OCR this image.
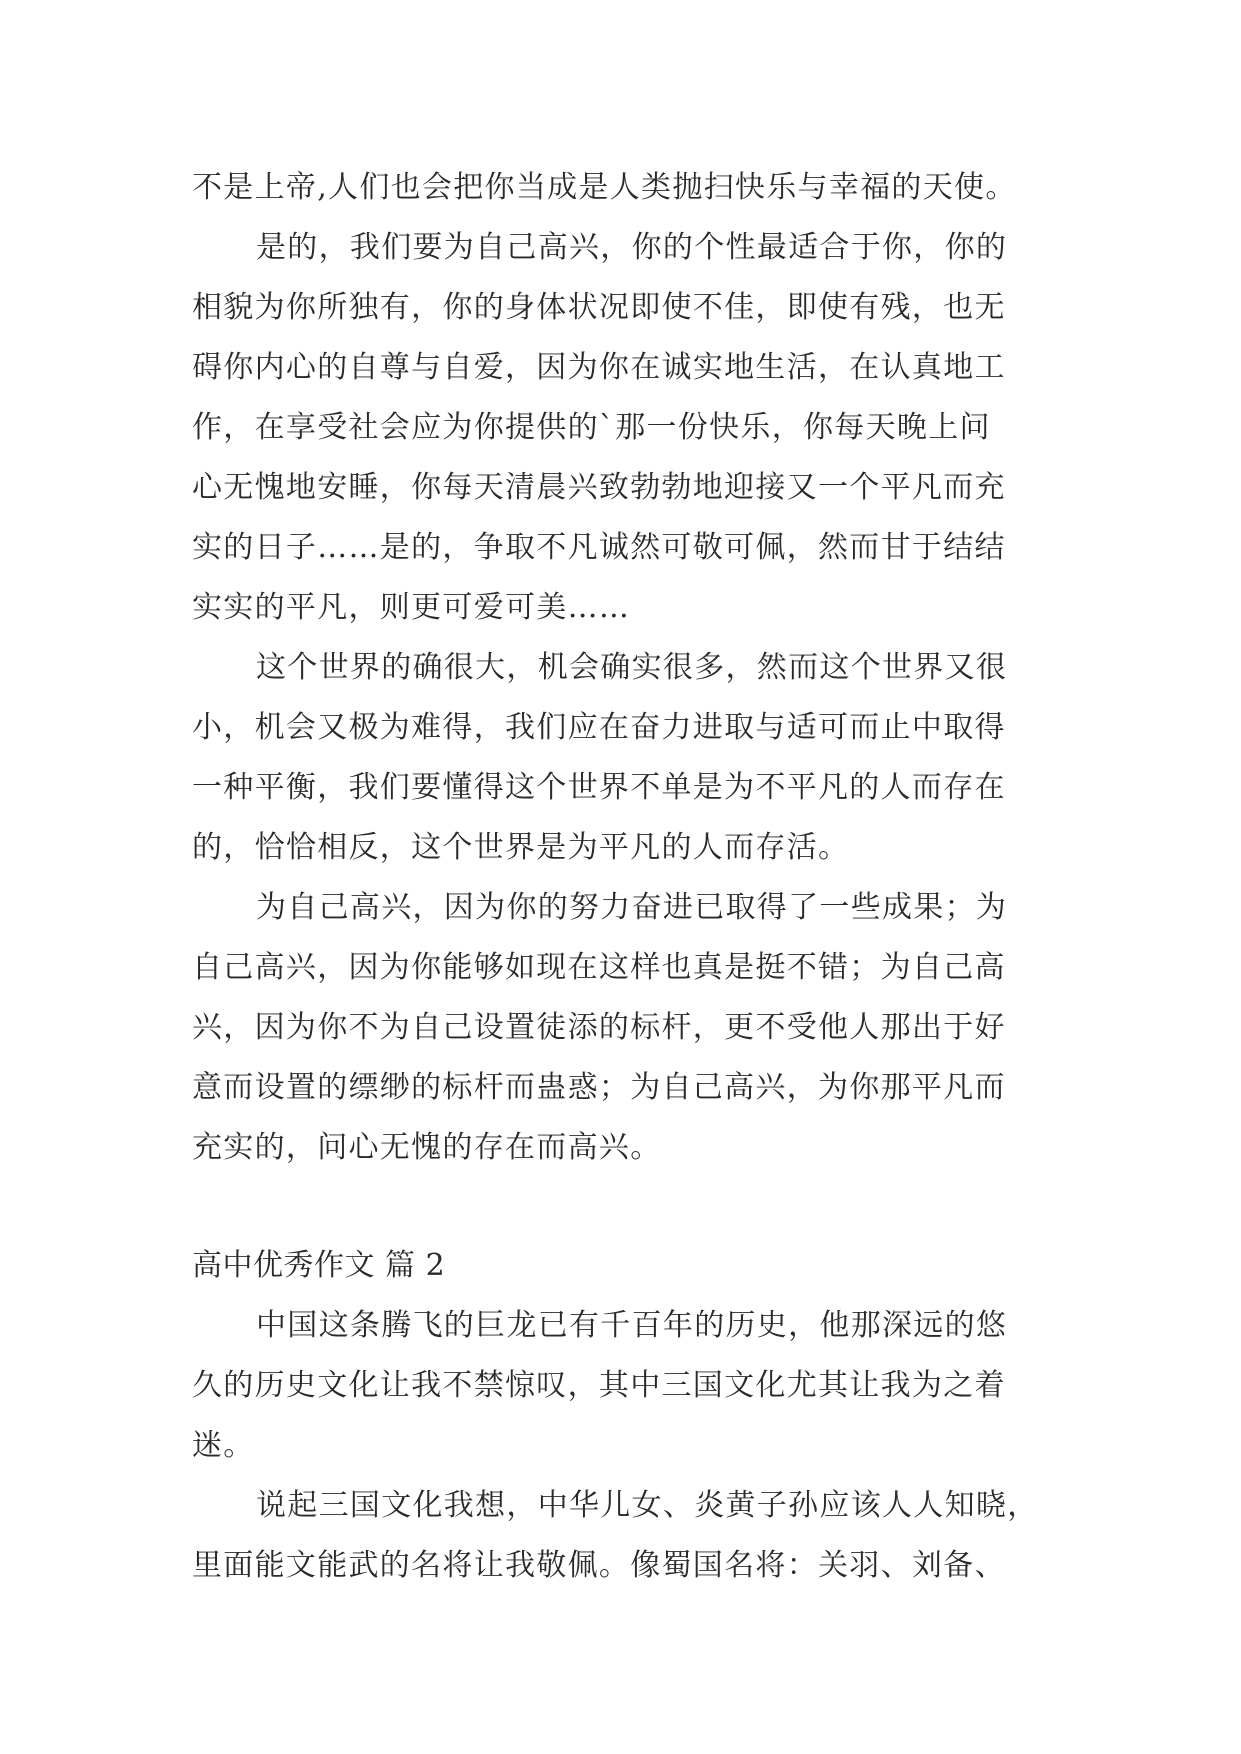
不是上帝,人们也会把你当成是人类抛扫快乐与幸福的天使。
是的，我们要为自己高兴，你的个性最适合于你，你的
相貌为你所独有，你的身体状况即使不佳，即使有残，也无
碍你内心的自尊与自爱，因为你在诚实地生活，在认真地工
作，在享受社会应为你提供的`那一份快乐，你每天晚上问
心无愧地安睡，你每天清晨兴致勃勃地迎接又一个平凡而充
实的日子……是的，争取不凡诚然可敬可佩，然而甘于结结
实实的平凡，则更可爱可美……
这个世界的确很大，机会确实很多，然而这个世界又很
小，机会又极为难得，我们应在奋力进取与适可而止中取得
一种平衡，我们要懂得这个世界不单是为不平凡的人而存在
的，恰恰相反，这个世界是为平凡的人而存活。
为自己高兴，因为你的努力奋进已取得了一些成果；为
自己高兴，因为你能够如现在这样也真是挺不错；为自己高
兴，因为你不为自己设置徒添的标杆，更不受他人那出于好
意而设置的缥缈的标杆而蛊惑；为自己高兴，为你那平凡而
充实的，问心无愧的存在而高兴。
高中优秀作文 篇 2
中国这条腾飞的巨龙已有千百年的历史，他那深远的悠
久的历史文化让我不禁惊叹，其中三国文化尤其让我为之着
迷。
说起三国文化我想，中华儿女、炎黄子孙应该人人知晓，
里面能文能武的名将让我敬佩。像蜀国名将：关羽、刘备、
